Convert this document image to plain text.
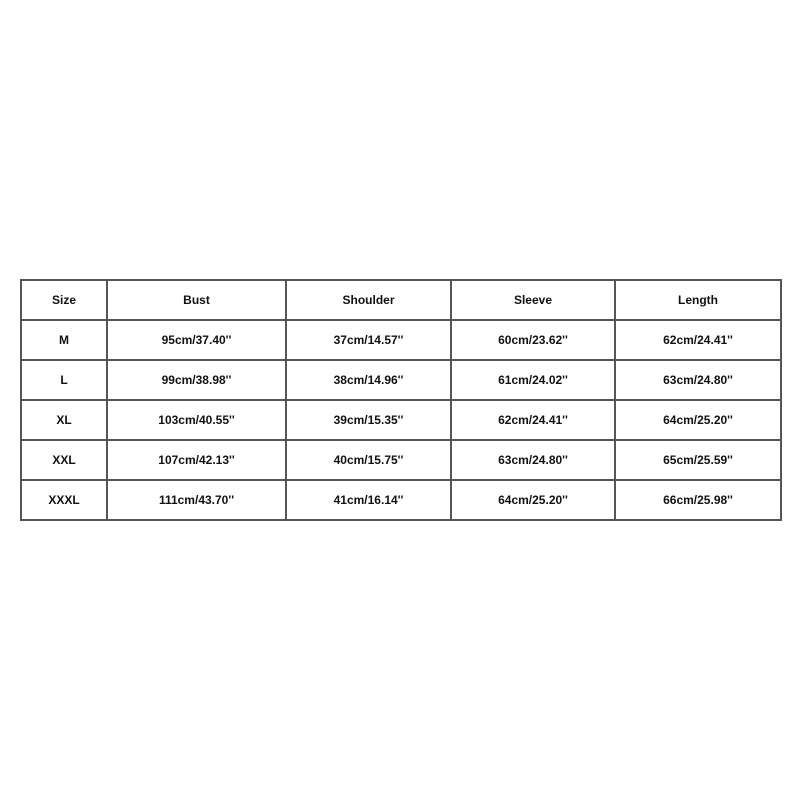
Size	Bust	Shoulder	Sleeve	Length
M	95cm/37.40''	37cm/14.57''	60cm/23.62''	62cm/24.41''
L	99cm/38.98''	38cm/14.96''	61cm/24.02''	63cm/24.80''
XL	103cm/40.55''	39cm/15.35''	62cm/24.41''	64cm/25.20''
XXL	107cm/42.13''	40cm/15.75''	63cm/24.80''	65cm/25.59''
XXXL	111cm/43.70''	41cm/16.14''	64cm/25.20''	66cm/25.98''
